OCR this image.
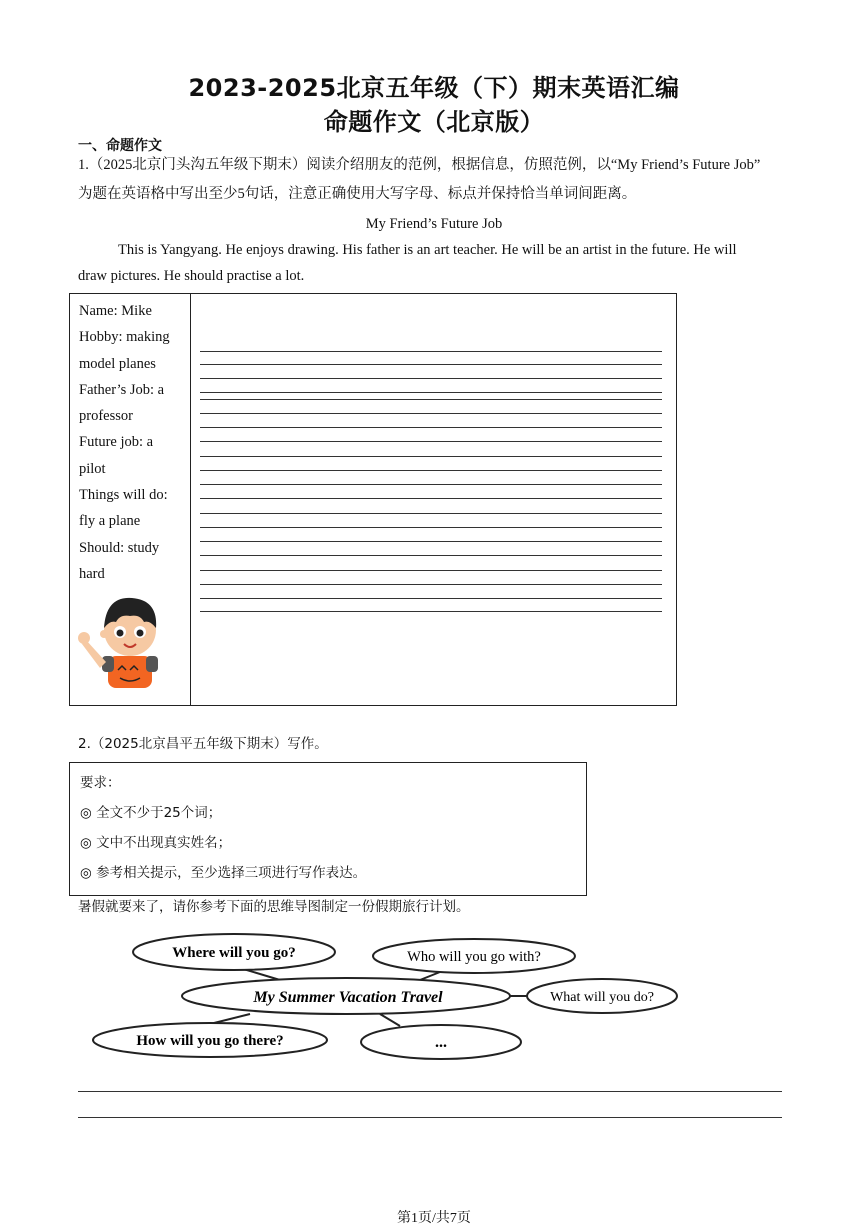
2023-2025北京五年级（下）期末英语汇编
命题作文（北京版）
一、命题作文
1.（2025北京门头沟五年级下期末）阅读介绍朋友的范例，根据信息，仿照范例，以“My Friend’s Future Job”
为题在英语格中写出至少5句话，注意正确使用大写字母、标点并保持恰当单词间距离。
My Friend’s Future Job
This is Yangyang. He enjoys drawing. His father is an art teacher. He will be an artist in the future. He will
draw pictures. He should practise a lot.
Name: Mike
Hobby: making
model planes
Father’s Job: a
professor
Future job: a
pilot
Things will do:
fly a plane
Should: study
hard
2.（2025北京昌平五年级下期末）写作。
要求：
◎ 全文不少于25个词；
◎ 文中不出现真实姓名；
◎ 参考相关提示，至少选择三项进行写作表达。
暑假就要来了，请你参考下面的思维导图制定一份假期旅行计划。
Where will you go?	Who will you go with?
My Summer Vacation Travel	What will you do?
How will you go there?	...
第1页/共7页
